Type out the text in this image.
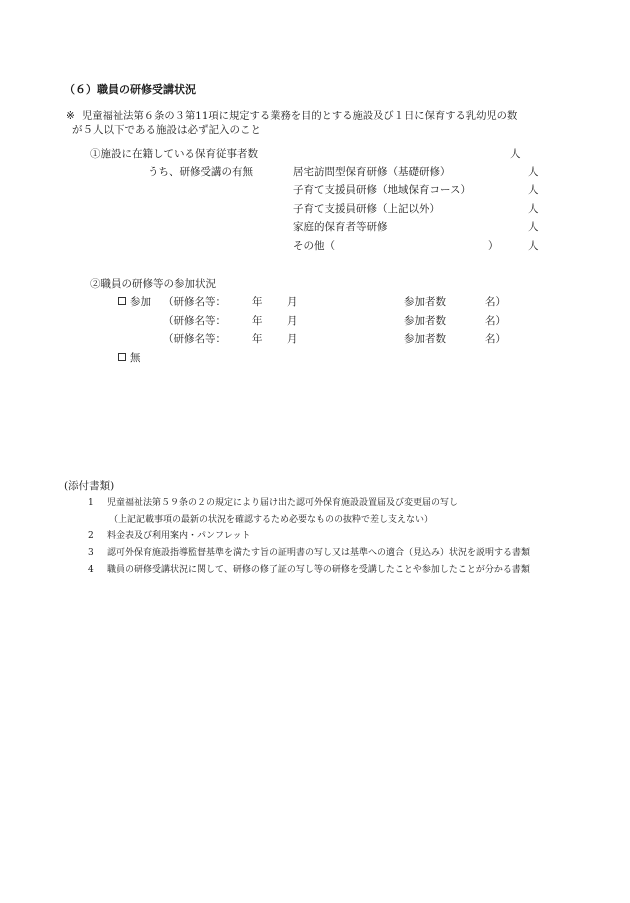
（６）職員の研修受講状況
※ 児童福祉法第６条の３第11項に規定する業務を目的とする施設及び１日に保育する乳幼児の数
が５人以下である施設は必ず記入のこと
①施設に在籍している保育従事者数	人
うち、研修受講の有無	居宅訪問型保育研修（基礎研修）	人
子育て支援員研修（地域保育コース）	人
子育て支援員研修（上記以外）	人
家庭的保育者等研修	人
その他（	）	人
②職員の研修等の参加状況
参加 （研修名等： 年 月	参加者数	名）
（研修名等： 年 月	参加者数	名）
（研修名等： 年 月	参加者数	名）
無
(添付書類)
1 児童福祉法第５９条の２の規定により届け出た認可外保育施設設置届及び変更届の写し
（上記記載事項の最新の状況を確認するため必要なものの抜粋で差し支えない）
2 料金表及び利用案内・パンフレット
3 認可外保育施設指導監督基準を満たす旨の証明書の写し又は基準への適合（見込み）状況を説明する書類
4 職員の研修受講状況に関して、研修の修了証の写し等の研修を受講したことや参加したことが分かる書類
